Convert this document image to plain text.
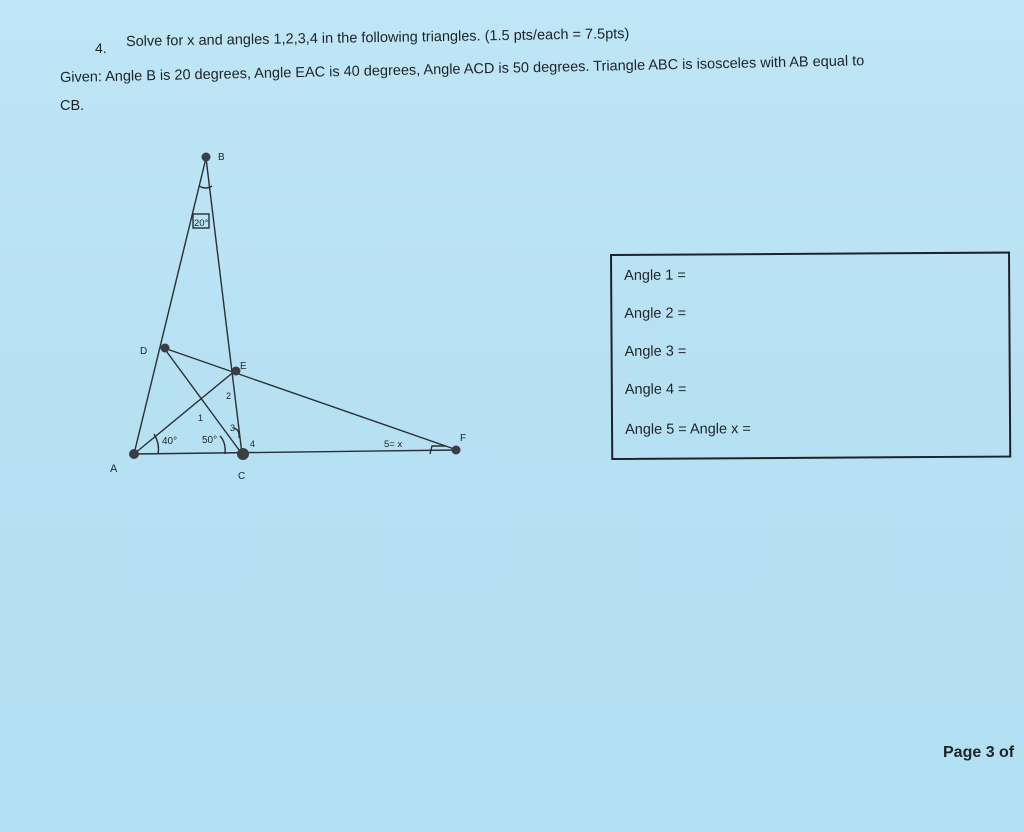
4. Solve for x and angles 1,2,3,4 in the following triangles. (1.5 pts/each = 7.5pts)
Given: Angle B is 20 degrees, Angle EAC is 40 degrees, Angle ACD is 50 degrees. Triangle ABC is isosceles with AB equal to
CB.
B
D
E
A
C
F
20°
40° 50°
1
2
3
4	5= x
Angle 1 =
Angle 2 =
Angle 3 =
Angle 4 =
Angle 5 = Angle x =
Page 3 of
